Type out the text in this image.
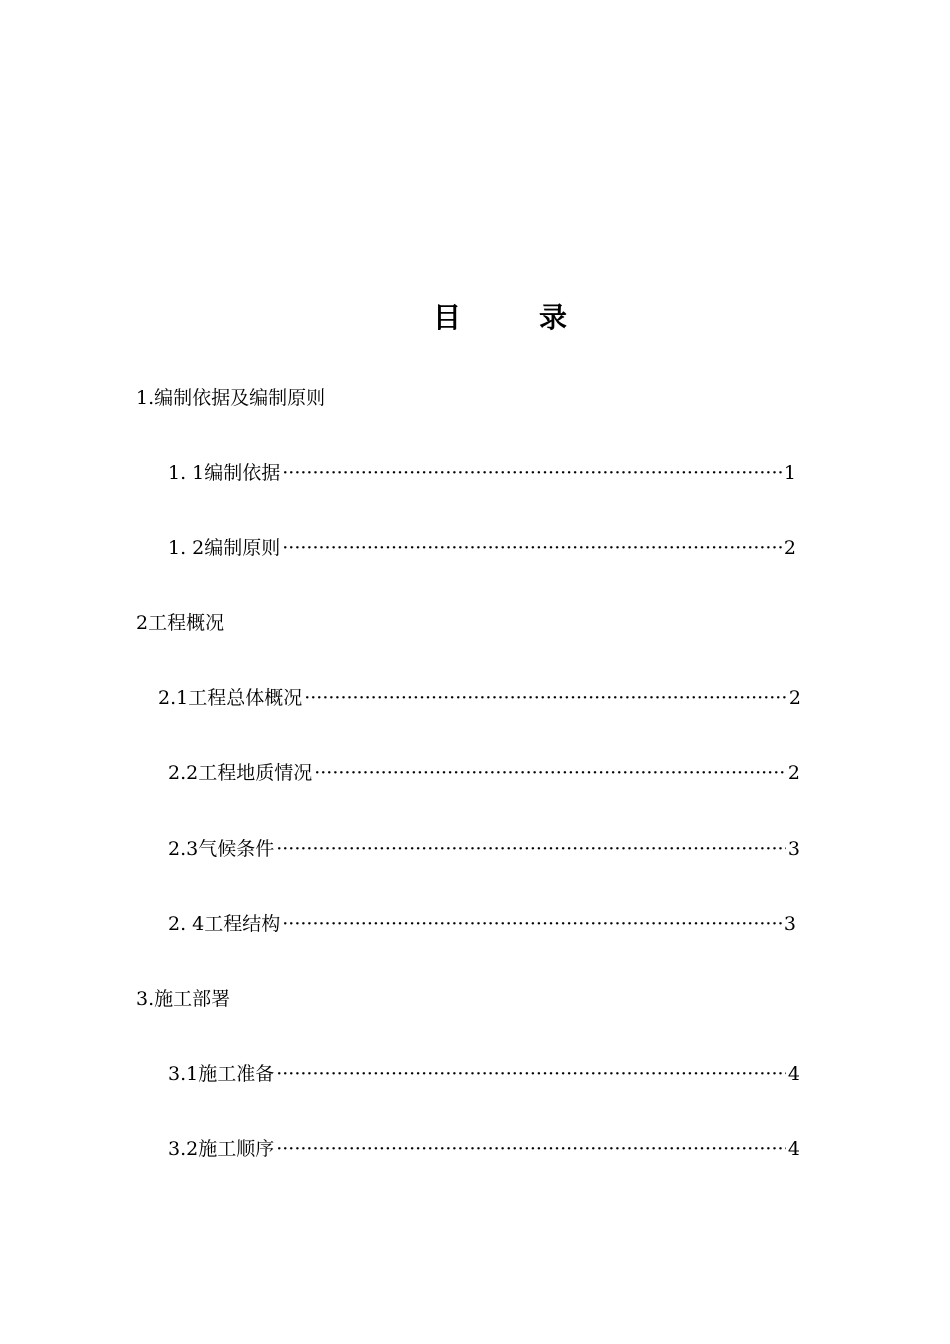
目        录
1.编制依据及编制原则
1. 1编制依据 ·····	1
1. 2编制原则 ·····	2
2工程概况
2.1工程总体概况 ·····	2
2.2工程地质情况 ·····	2
2.3气候条件 ·····	3
2. 4工程结构 ·····	3
3.施工部署
3.1施工准备 ·····	4
3.2施工顺序 ·····	4
